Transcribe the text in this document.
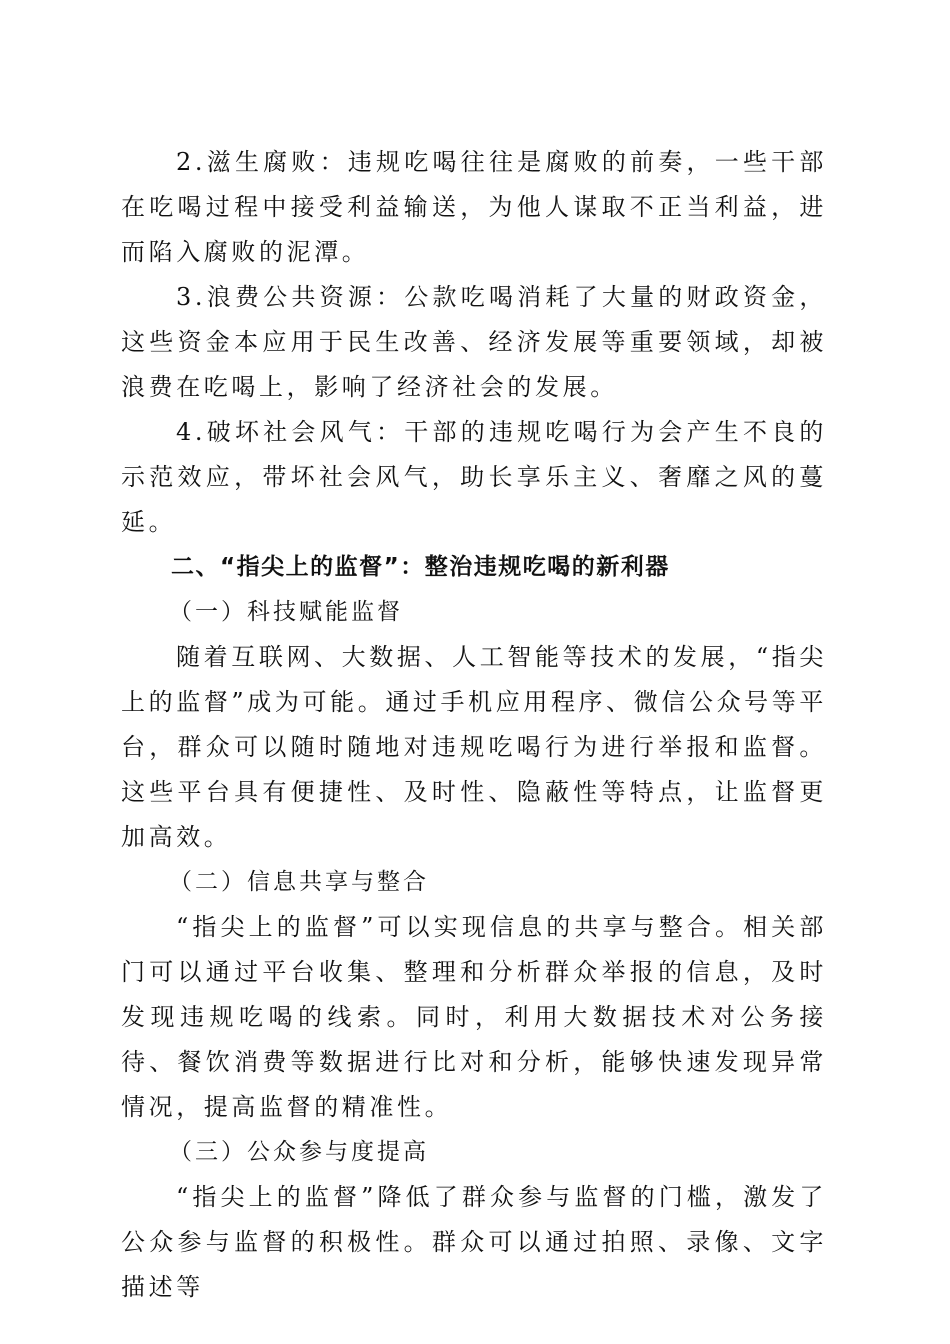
2.滋生腐败：违规吃喝往往是腐败的前奏，一些干部在吃喝过程中接受利益输送，为他人谋取不正当利益，进而陷入腐败的泥潭。

3.浪费公共资源：公款吃喝消耗了大量的财政资金，这些资金本应用于民生改善、经济发展等重要领域，却被浪费在吃喝上，影响了经济社会的发展。

4.破坏社会风气：干部的违规吃喝行为会产生不良的示范效应，带坏社会风气，助长享乐主义、奢靡之风的蔓延。

二、“指尖上的监督”：整治违规吃喝的新利器

（一）科技赋能监督

随着互联网、大数据、人工智能等技术的发展，“指尖上的监督”成为可能。通过手机应用程序、微信公众号等平台，群众可以随时随地对违规吃喝行为进行举报和监督。这些平台具有便捷性、及时性、隐蔽性等特点，让监督更加高效。

（二）信息共享与整合

“指尖上的监督”可以实现信息的共享与整合。相关部门可以通过平台收集、整理和分析群众举报的信息，及时发现违规吃喝的线索。同时，利用大数据技术对公务接待、餐饮消费等数据进行比对和分析，能够快速发现异常情况，提高监督的精准性。

（三）公众参与度提高

“指尖上的监督”降低了群众参与监督的门槛，激发了公众参与监督的积极性。群众可以通过拍照、录像、文字描述等
